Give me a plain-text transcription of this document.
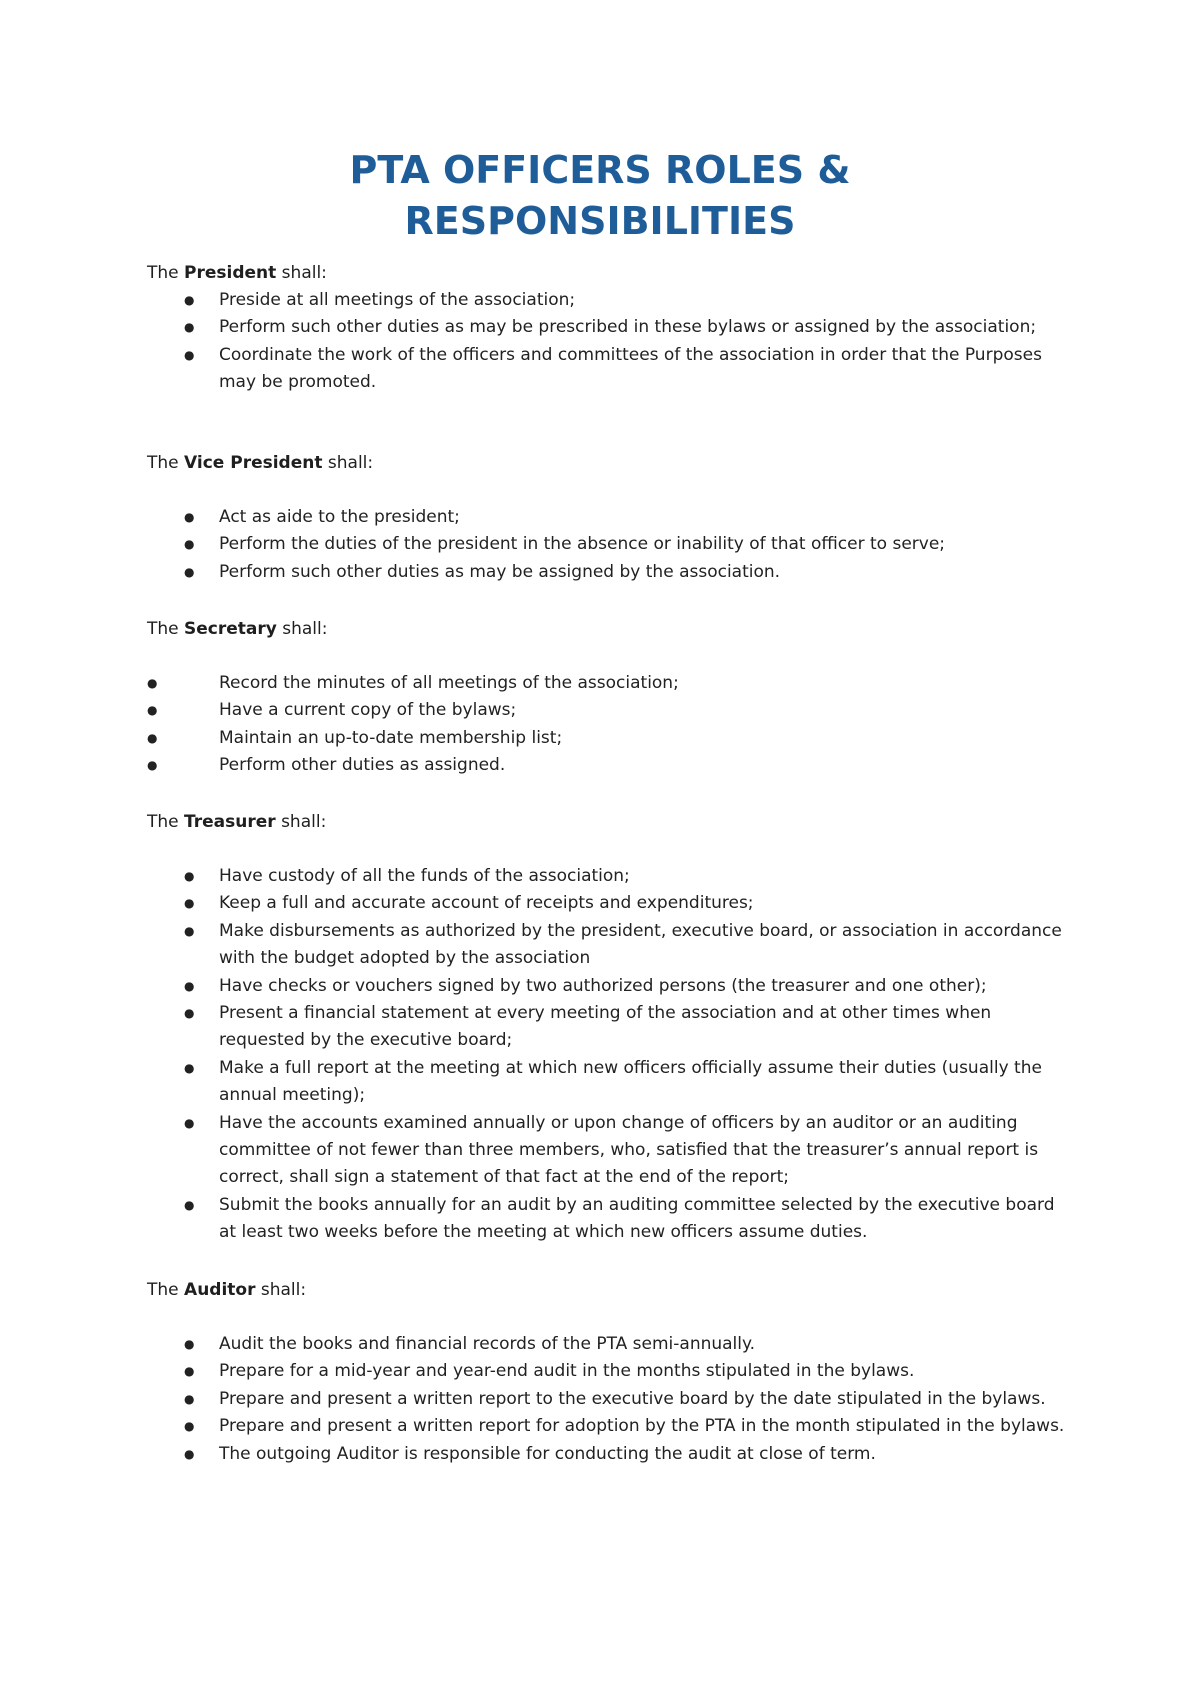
PTA OFFICERS ROLES &
RESPONSIBILITIES

The President shall:

● Preside at all meetings of the association;
● Perform such other duties as may be prescribed in these bylaws or assigned by the association;
● Coordinate the work of the officers and committees of the association in order that the Purposes may be promoted.

The Vice President shall:

● Act as aide to the president;
● Perform the duties of the president in the absence or inability of that officer to serve;
● Perform such other duties as may be assigned by the association.

The Secretary shall:

●	Record the minutes of all meetings of the association;
●	Have a current copy of the bylaws;
●	Maintain an up-to-date membership list;
●	Perform other duties as assigned.

The Treasurer shall:

● Have custody of all the funds of the association;
● Keep a full and accurate account of receipts and expenditures;
● Make disbursements as authorized by the president, executive board, or association in accordance with the budget adopted by the association
● Have checks or vouchers signed by two authorized persons (the treasurer and one other);
● Present a financial statement at every meeting of the association and at other times when requested by the executive board;
● Make a full report at the meeting at which new officers officially assume their duties (usually the annual meeting);
● Have the accounts examined annually or upon change of officers by an auditor or an auditing committee of not fewer than three members, who, satisfied that the treasurer’s annual report is correct, shall sign a statement of that fact at the end of the report;
● Submit the books annually for an audit by an auditing committee selected by the executive board at least two weeks before the meeting at which new officers assume duties.

The Auditor shall:

● Audit the books and financial records of the PTA semi-annually.
● Prepare for a mid-year and year-end audit in the months stipulated in the bylaws.
● Prepare and present a written report to the executive board by the date stipulated in the bylaws.
● Prepare and present a written report for adoption by the PTA in the month stipulated in the bylaws.
● The outgoing Auditor is responsible for conducting the audit at close of term.
